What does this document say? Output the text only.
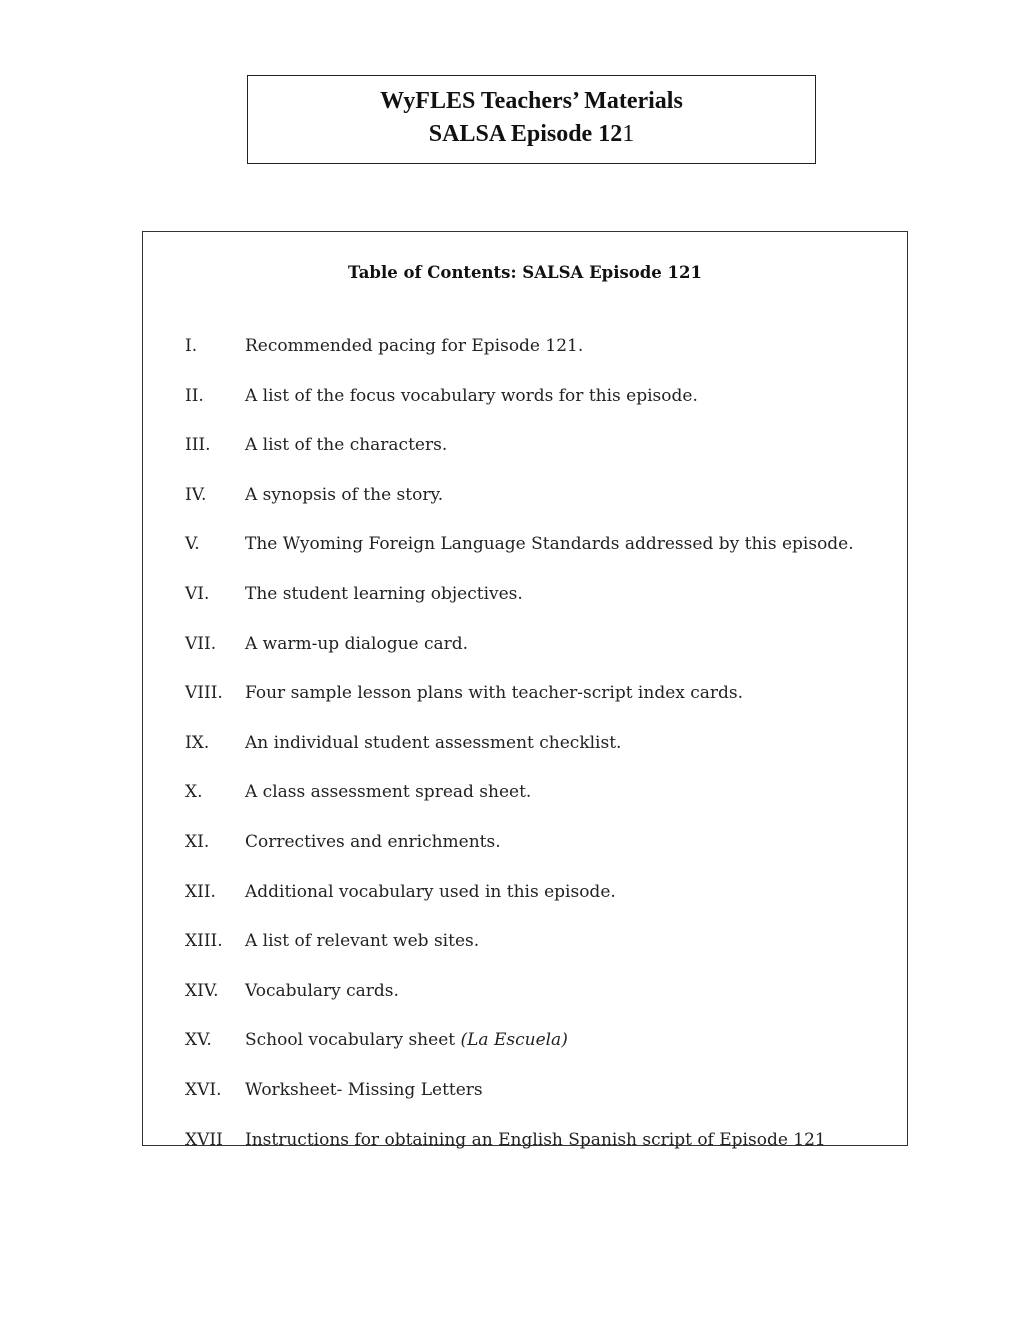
WyFLES Teachers’ Materials
SALSA Episode 121
Table of Contents: SALSA Episode 121
I.	Recommended pacing for Episode 121.
II.	A list of the focus vocabulary words for this episode.
III.	A list of the characters.
IV.	A synopsis of the story.
V.	The Wyoming Foreign Language Standards addressed by this episode.
VI.	The student learning objectives.
VII.	A warm-up dialogue card.
VIII.	Four sample lesson plans with teacher-script index cards.
IX.	An individual student assessment checklist.
X.	A class assessment spread sheet.
XI.	Correctives and enrichments.
XII.	Additional vocabulary used in this episode.
XIII.	A list of relevant web sites.
XIV.	Vocabulary cards.
XV.	School vocabulary sheet (La Escuela)
XVI.	Worksheet- Missing Letters
XVII	Instructions for obtaining an English Spanish script of Episode 121
